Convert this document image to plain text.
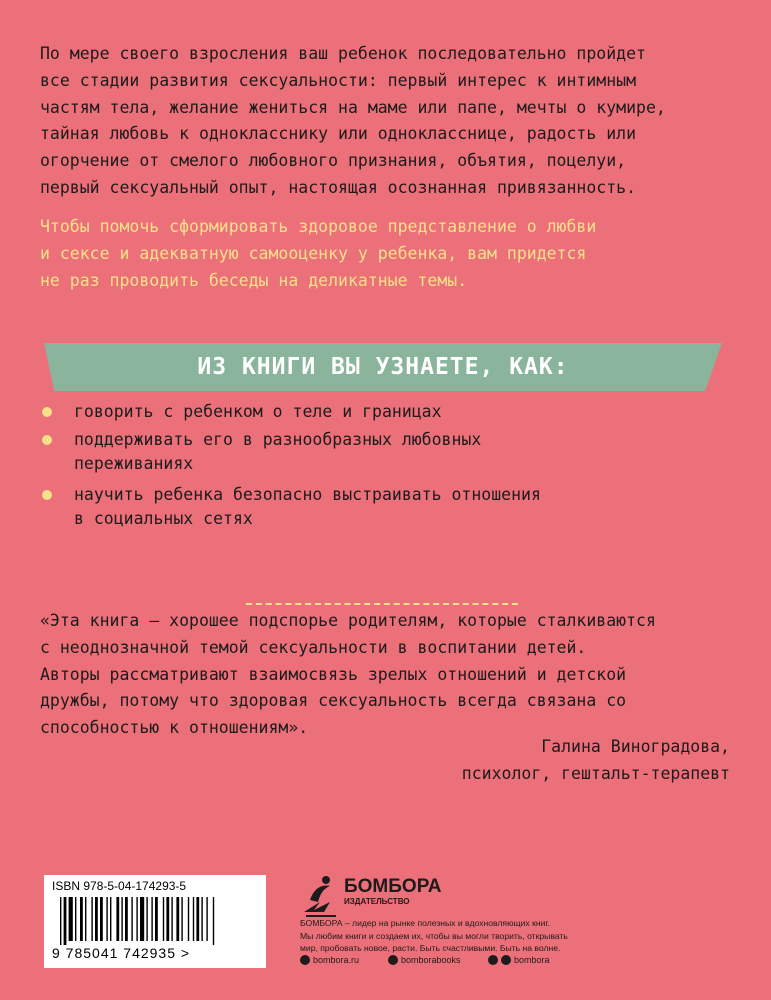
По мере своего взросления ваш ребенок последовательно пройдет
все стадии развития сексуальности: первый интерес к интимным
частям тела, желание жениться на маме или папе, мечты о кумире,
тайная любовь к однокласснику или однокласснице, радость или
огорчение от смелого любовного признания, объятия, поцелуи,
первый сексуальный опыт, настоящая осознанная привязанность.
Чтобы помочь сформировать здоровое представление о любви
и сексе и адекватную самооценку у ребенка, вам придется
не раз проводить беседы на деликатные темы.
ИЗ КНИГИ ВЫ УЗНАЕТЕ, КАК:
говорить с ребенком о теле и границах
поддерживать его в разнообразных любовных
переживаниях
научить ребенка безопасно выстраивать отношения
в социальных сетях
«Эта книга — хорошее подспорье родителям, которые сталкиваются
с неоднозначной темой сексуальности в воспитании детей.
Авторы рассматривают взаимосвязь зрелых отношений и детской
дружбы, потому что здоровая сексуальность всегда связана со
способностью к отношениям».
Галина Виноградова,
психолог, гештальт-терапевт
ISBN 978-5-04-174293-5
9 785041 742935 >
БОМБОРА
ИЗДАТЕЛЬСТВО
БОМБОРА – лидер на рынке полезных и вдохновляющих книг.
Мы любим книги и создаем их, чтобы вы могли творить, открывать
мир, пробовать новое, расти. Быть счастливыми. Быть на волне.
bombora.ru	bomborabooks	bombora
